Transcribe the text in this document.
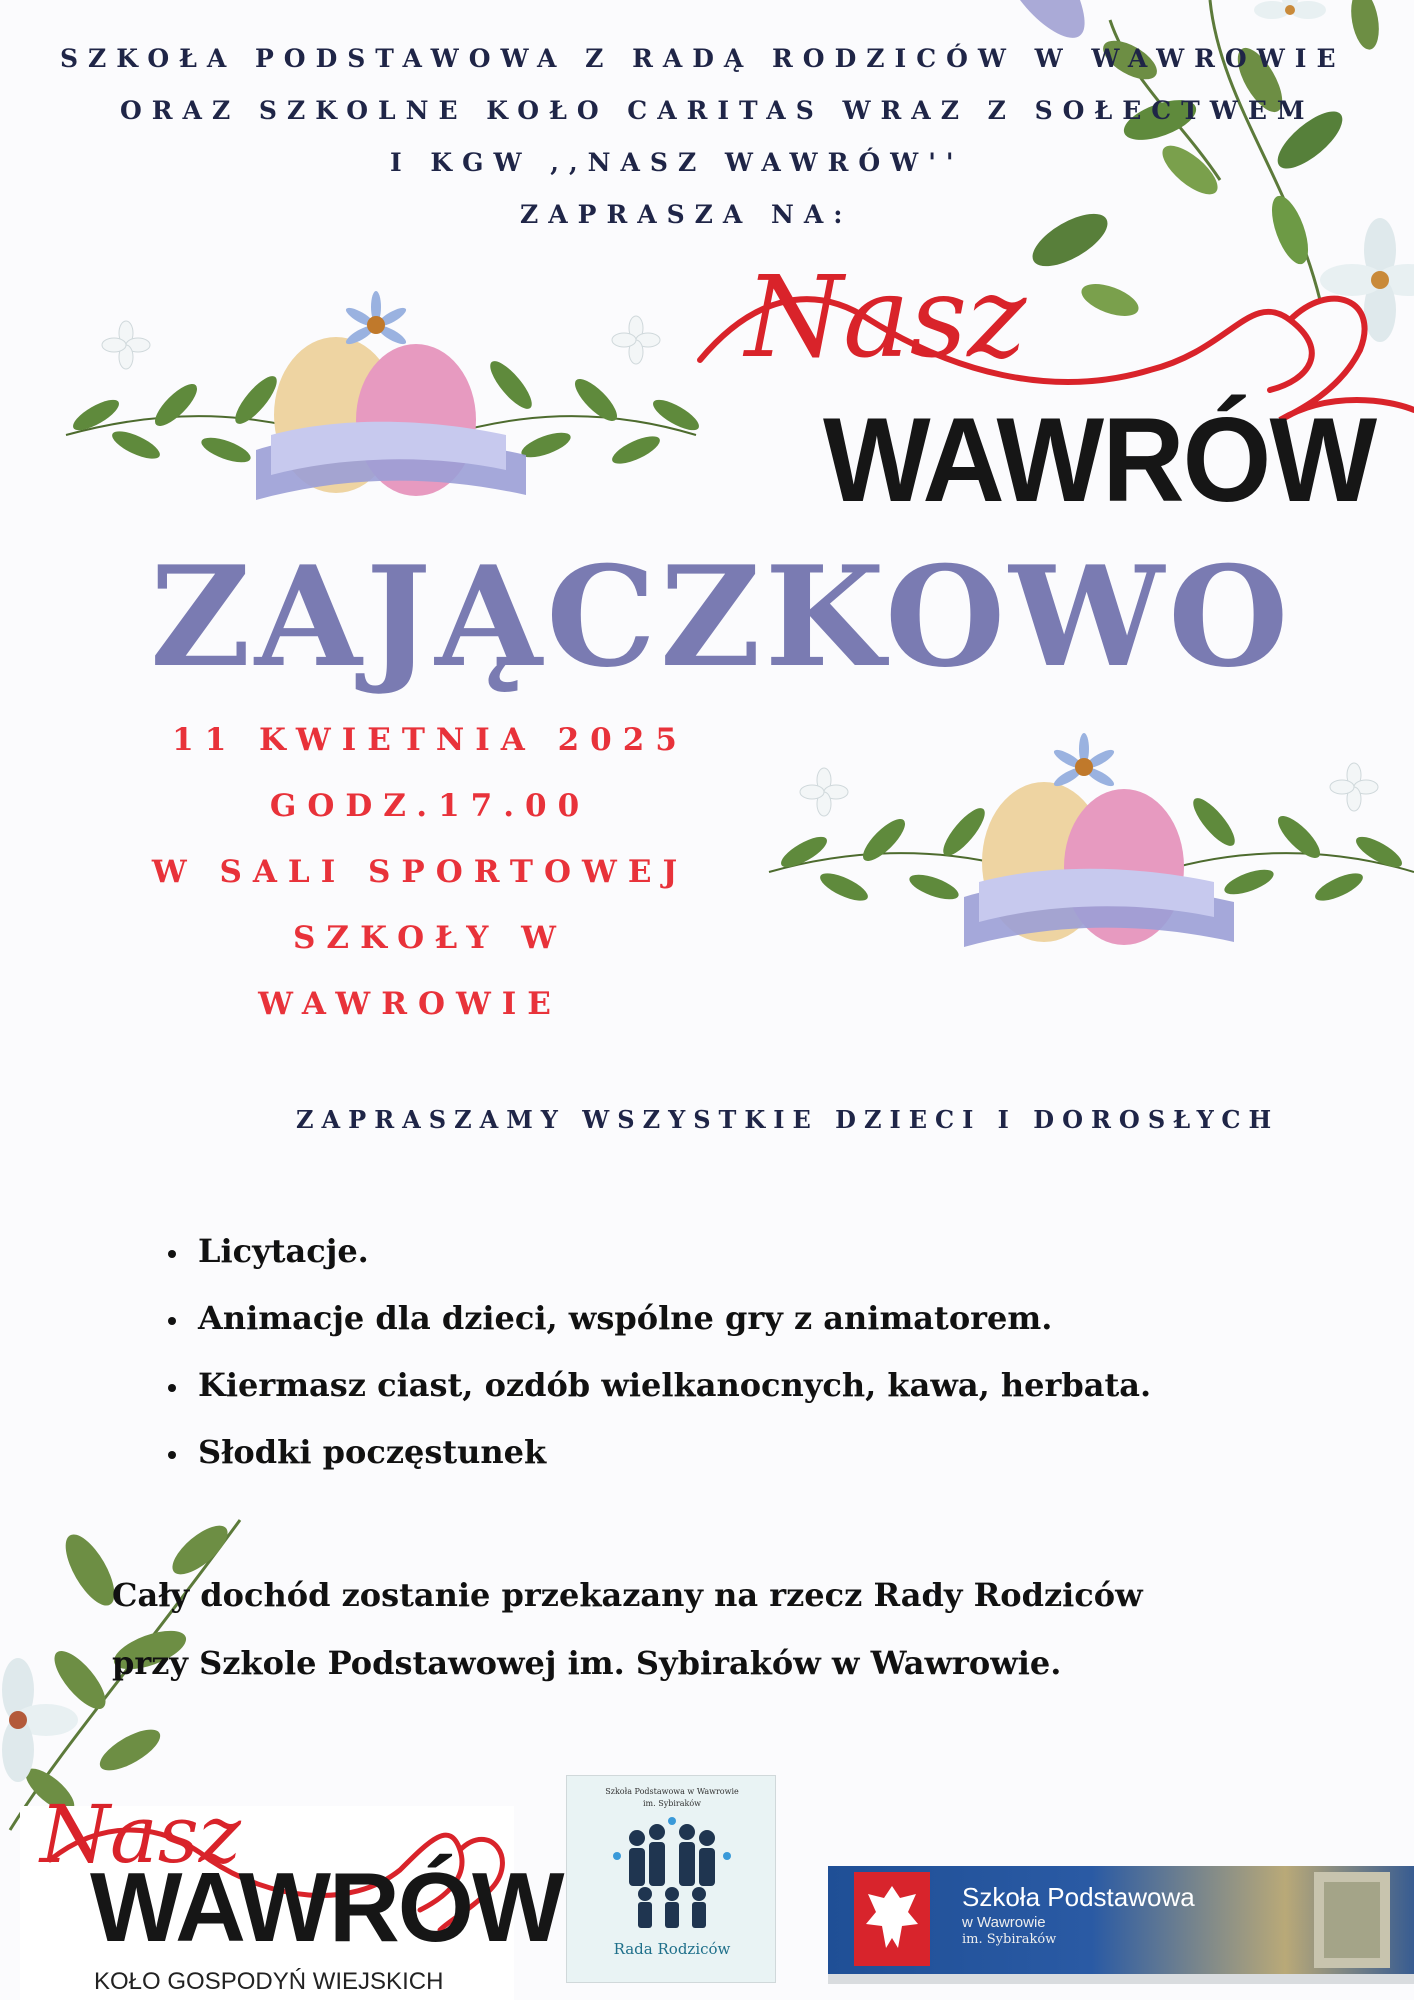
SZKOŁA PODSTAWOWA Z RADĄ RODZICÓW W WAWROWIE
ORAZ SZKOLNE KOŁO CARITAS WRAZ Z SOŁECTWEM
I KGW ,,NASZ WAWRÓW''
ZAPRASZA NA:
Nasz
WAWRÓW
ZAJĄCZKOWO
11 KWIETNIA 2025
GODZ.17.00
W SALI SPORTOWEJ
SZKOŁY W
WAWROWIE
ZAPRASZAMY WSZYSTKIE DZIECI I DOROSŁYCH
Licytacje.
Animacje dla dzieci, wspólne gry z animatorem.
Kiermasz ciast, ozdób wielkanocnych, kawa, herbata.
Słodki poczęstunek
Cały dochód zostanie przekazany na rzecz Rady Rodziców
przy Szkole Podstawowej im. Sybiraków w Wawrowie.
Nasz
WAWRÓW
KOŁO GOSPODYŃ WIEJSKICH
Szkoła Podstawowa w Wawrowie
im. Sybiraków
Rada Rodziców
Szkoła Podstawowa
w Wawrowie
im. Sybiraków
